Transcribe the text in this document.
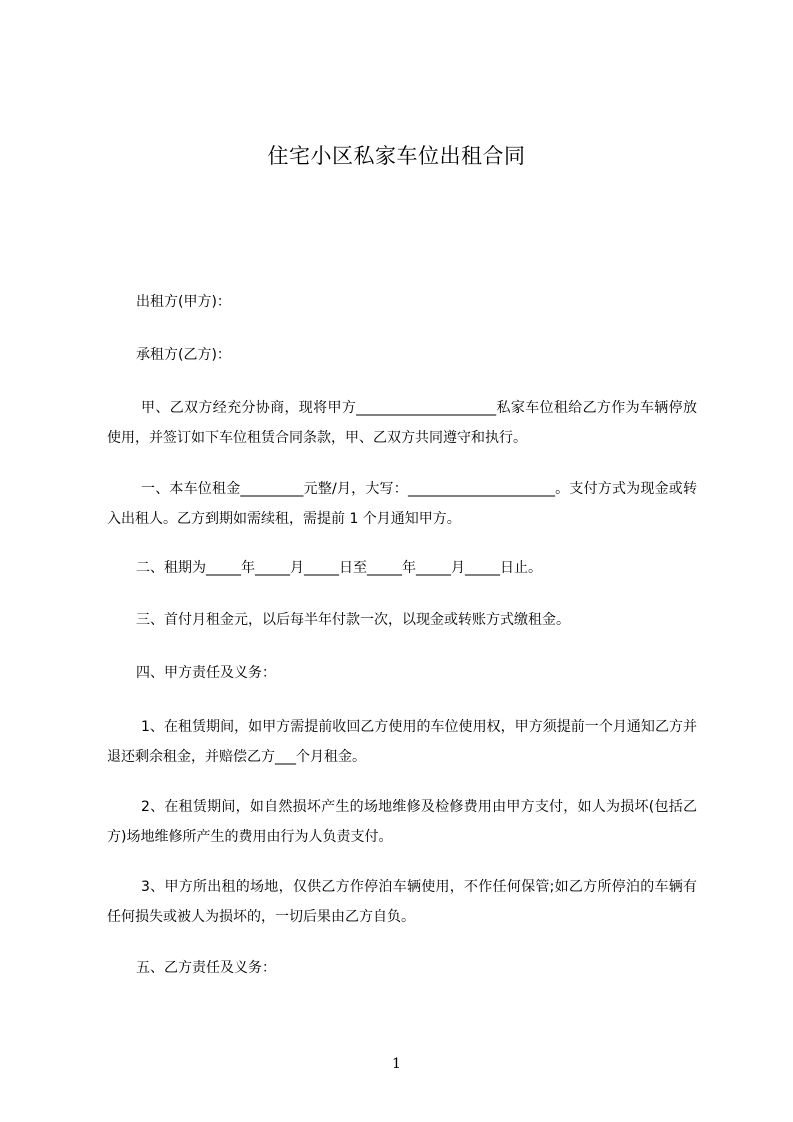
住宅小区私家车位出租合同
出租方(甲方)：
承租方(乙方)：
甲、乙双方经充分协商，现将甲方____________________私家车位租给乙方作为车辆停放使用，并签订如下车位租赁合同条款，甲、乙双方共同遵守和执行。
一、本车位租金_________元整/月，大写：_____________________。支付方式为现金或转入出租人。乙方到期如需续租，需提前 1 个月通知甲方。
二、租期为_____年_____月_____日至_____年_____月_____日止。
三、首付月租金元，以后每半年付款一次，以现金或转账方式缴租金。
四、甲方责任及义务：
1、在租赁期间，如甲方需提前收回乙方使用的车位使用权，甲方须提前一个月通知乙方并退还剩余租金，并赔偿乙方___个月租金。
2、在租赁期间，如自然损坏产生的场地维修及检修费用由甲方支付，如人为损坏(包括乙方)场地维修所产生的费用由行为人负责支付。
3、甲方所出租的场地，仅供乙方作停泊车辆使用，不作任何保管;如乙方所停泊的车辆有任何损失或被人为损坏的，一切后果由乙方自负。
五、乙方责任及义务：
1
